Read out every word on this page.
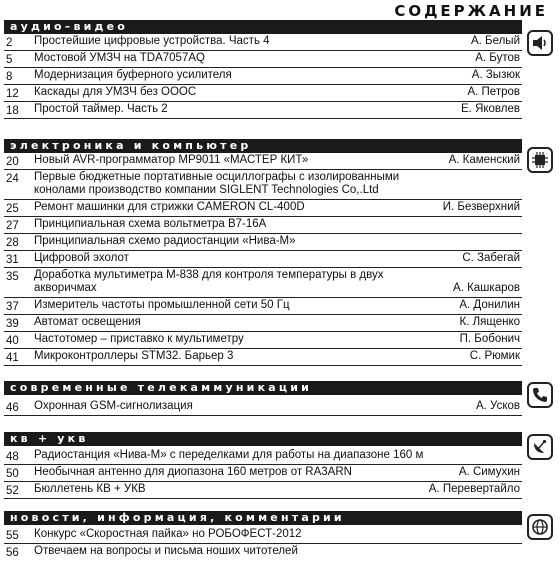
СОДЕРЖАНИЕ
аудио–видео
2	Простейшие цифровые устройства. Часть 4	А. Белый
5	Мостовой УМЗЧ на TDA7057AQ	А. Бутов
8	Модернизация буферного усилителя	А. Зызюк
12	Каскады для УМЗЧ без ОООС	А. Петров
18	Простой таймер. Часть 2	Е. Яковлев
электроника и компьютер
20	Новый AVR-программатор MP9011 «МАСТЕР КИТ»	А. Каменский
24	Первые бюджетные портативные осциллографы с изолированными конолами производство компании SIGLENT Technologies Co,.Ltd
25	Ремонт машинки для стрижки CAMERON CL-400D	И. Безверхний
27	Принципиальная схема вольтметра В7-16А
28	Принципиальная схемо радиостанции «Нива-М»
31	Цифровой эхолот	С. Забегай
35	Доработка мультиметра М-838 для контроля температуры в двух акворичмах	А. Кашкаров
37	Измеритель частоты промышленной сети 50 Гц	А. Донилин
39	Автомат освещения	К. Лященко
40	Частотомер – приставко к мультиметру	П. Бобонич
41	Микроконтроллеры STM32. Барьер 3	С. Рюмик
современные телекаммуникации
46	Охронная GSM-сигнолизация	А. Усков
кв + укв
48	Радиостанция «Нива-М» с переделками для работы на диапазоне 160 м
50	Необычная антенно для диопазона 160 метров от RA3ARN	А. Симухин
52	Бюллетень КВ + УКВ	А. Перевертайло
новости, информация, комментарии
55	Конкурс «Скоростная пайка» но РОБОФЕСТ-2012
56	Отвечаем на вопросы и письма ноших читотелей
